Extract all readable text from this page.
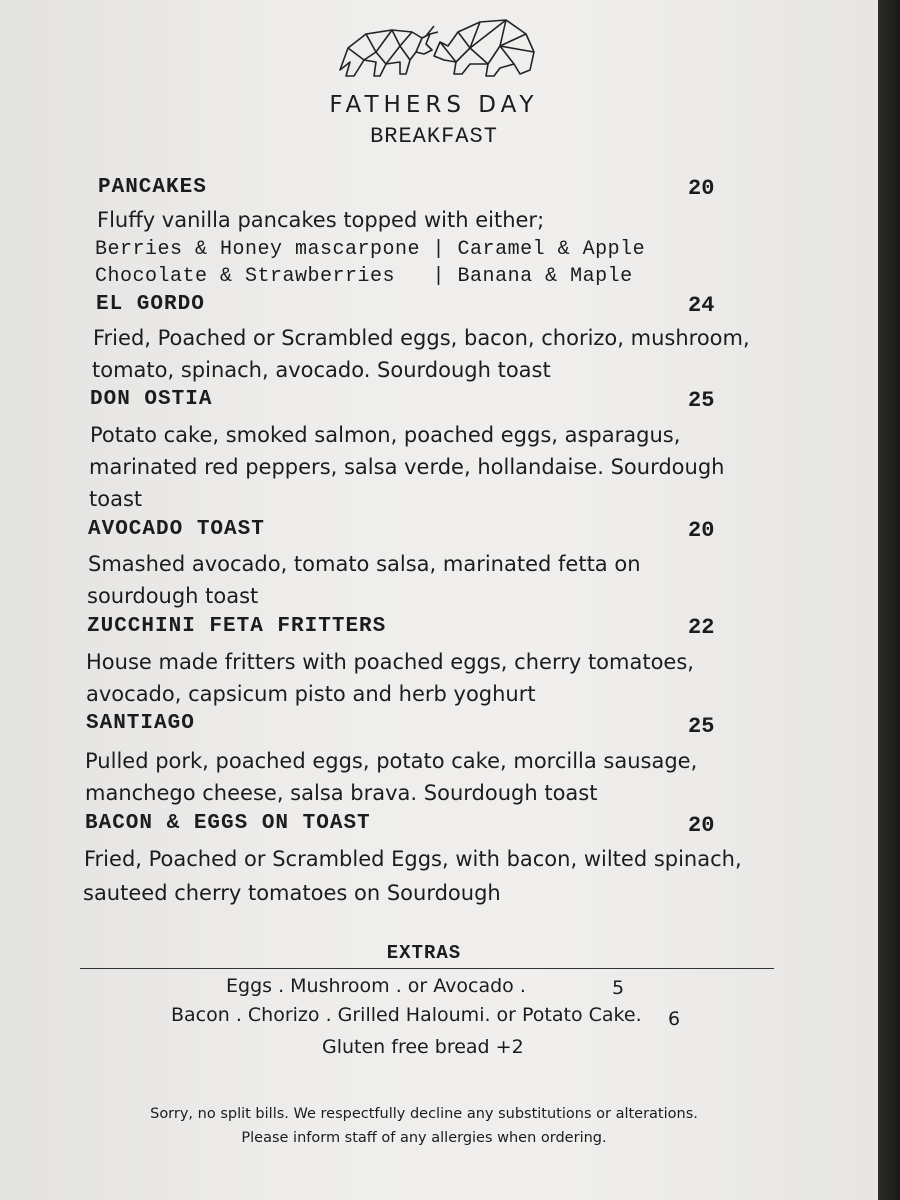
FATHERS DAY
BREAKFAST
PANCAKES	20
Fluffy vanilla pancakes topped with either;
Berries & Honey mascarpone | Caramel & Apple
Chocolate & Strawberries   | Banana & Maple
EL GORDO	24
Fried, Poached or Scrambled eggs, bacon, chorizo, mushroom,
tomato, spinach, avocado. Sourdough toast
DON OSTIA	25
Potato cake, smoked salmon, poached eggs, asparagus,
marinated red peppers, salsa verde, hollandaise. Sourdough
toast
AVOCADO TOAST	20
Smashed avocado, tomato salsa, marinated fetta on
sourdough toast
ZUCCHINI FETA FRITTERS	22
House made fritters with poached eggs, cherry tomatoes,
avocado, capsicum pisto and herb yoghurt
SANTIAGO	25
Pulled pork, poached eggs, potato cake, morcilla sausage,
manchego cheese, salsa brava. Sourdough toast
BACON & EGGS ON TOAST	20
Fried, Poached or Scrambled Eggs, with bacon, wilted spinach,
sauteed cherry tomatoes on Sourdough
EXTRAS
Eggs . Mushroom . or Avocado .	5
Bacon . Chorizo . Grilled Haloumi. or Potato Cake. 6
Gluten free bread +2
Sorry, no split bills. We respectfully decline any substitutions or alterations.
Please inform staff of any allergies when ordering.
